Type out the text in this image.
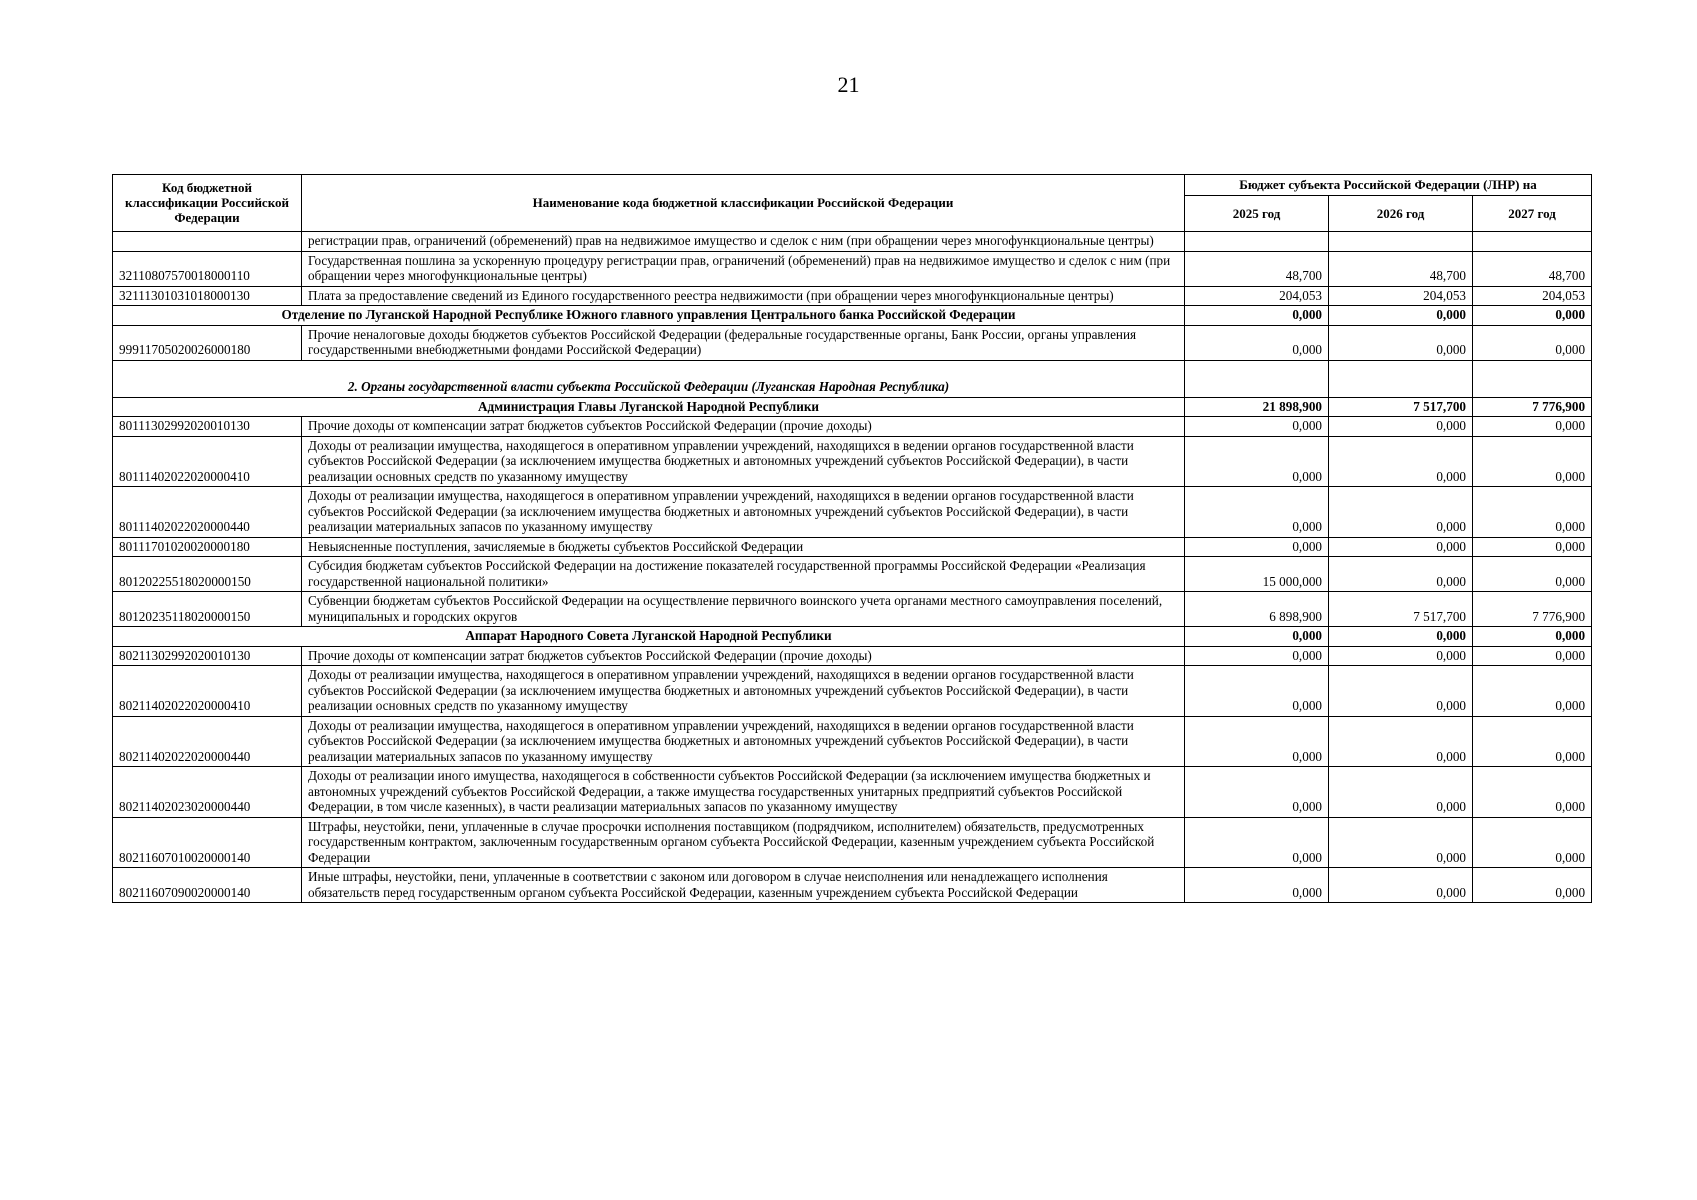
21
Код бюджетной классификации Российской Федерации	Наименование кода бюджетной классификации Российской Федерации	Бюджет субъекта Российской Федерации (ЛНР) на		
		2025 год	2026 год	2027 год
	регистрации прав, ограничений (обременений) прав на недвижимое имущество и сделок с ним (при обращении через многофункциональные центры)			
32110807570018000110	Государственная пошлина за ускоренную процедуру регистрации прав, ограничений (обременений) прав на недвижимое имущество и сделок с ним (при обращении через многофункциональные центры)	48,700	48,700	48,700
32111301031018000130	Плата за предоставление сведений из Единого государственного реестра недвижимости (при обращении через многофункциональные центры)	204,053	204,053	204,053
Отделение по Луганской Народной Республике Южного главного управления Центрального банка Российской Федерации		0,000	0,000	0,000
99911705020026000180	Прочие неналоговые доходы бюджетов субъектов Российской Федерации (федеральные государственные органы, Банк России, органы управления государственными внебюджетными фондами Российской Федерации)	0,000	0,000	0,000
2. Органы государственной власти субъекта Российской Федерации (Луганская Народная Республика)				
Администрация Главы Луганской Народной Республики		21 898,900	7 517,700	7 776,900
80111302992020010130	Прочие доходы от компенсации затрат бюджетов субъектов Российской Федерации (прочие доходы)	0,000	0,000	0,000
80111402022020000410	Доходы от реализации имущества, находящегося в оперативном управлении учреждений, находящихся в ведении органов государственной власти субъектов Российской Федерации (за исключением имущества бюджетных и автономных учреждений субъектов Российской Федерации), в части реализации основных средств по указанному имуществу	0,000	0,000	0,000
80111402022020000440	Доходы от реализации имущества, находящегося в оперативном управлении учреждений, находящихся в ведении органов государственной власти субъектов Российской Федерации (за исключением имущества бюджетных и автономных учреждений субъектов Российской Федерации), в части реализации материальных запасов по указанному имуществу	0,000	0,000	0,000
80111701020020000180	Невыясненные поступления, зачисляемые в бюджеты субъектов Российской Федерации	0,000	0,000	0,000
80120225518020000150	Субсидия бюджетам субъектов Российской Федерации на достижение показателей государственной программы Российской Федерации «Реализация государственной национальной политики»	15 000,000	0,000	0,000
80120235118020000150	Субвенции бюджетам субъектов Российской Федерации на осуществление первичного воинского учета органами местного самоуправления поселений, муниципальных и городских округов	6 898,900	7 517,700	7 776,900
Аппарат Народного Совета Луганской Народной Республики		0,000	0,000	0,000
80211302992020010130	Прочие доходы от компенсации затрат бюджетов субъектов Российской Федерации (прочие доходы)	0,000	0,000	0,000
80211402022020000410	Доходы от реализации имущества, находящегося в оперативном управлении учреждений, находящихся в ведении органов государственной власти субъектов Российской Федерации (за исключением имущества бюджетных и автономных учреждений субъектов Российской Федерации), в части реализации основных средств по указанному имуществу	0,000	0,000	0,000
80211402022020000440	Доходы от реализации имущества, находящегося в оперативном управлении учреждений, находящихся в ведении органов государственной власти субъектов Российской Федерации (за исключением имущества бюджетных и автономных учреждений субъектов Российской Федерации), в части реализации материальных запасов по указанному имуществу	0,000	0,000	0,000
80211402023020000440	Доходы от реализации иного имущества, находящегося в собственности субъектов Российской Федерации (за исключением имущества бюджетных и автономных учреждений субъектов Российской Федерации, а также имущества государственных унитарных предприятий субъектов Российской Федерации, в том числе казенных), в части реализации материальных запасов по указанному имуществу	0,000	0,000	0,000
80211607010020000140	Штрафы, неустойки, пени, уплаченные в случае просрочки исполнения поставщиком (подрядчиком, исполнителем) обязательств, предусмотренных государственным контрактом, заключенным государственным органом субъекта Российской Федерации, казенным учреждением субъекта Российской Федерации	0,000	0,000	0,000
80211607090020000140	Иные штрафы, неустойки, пени, уплаченные в соответствии с законом или договором в случае неисполнения или ненадлежащего исполнения обязательств перед государственным органом субъекта Российской Федерации, казенным учреждением субъекта Российской Федерации	0,000	0,000	0,000
